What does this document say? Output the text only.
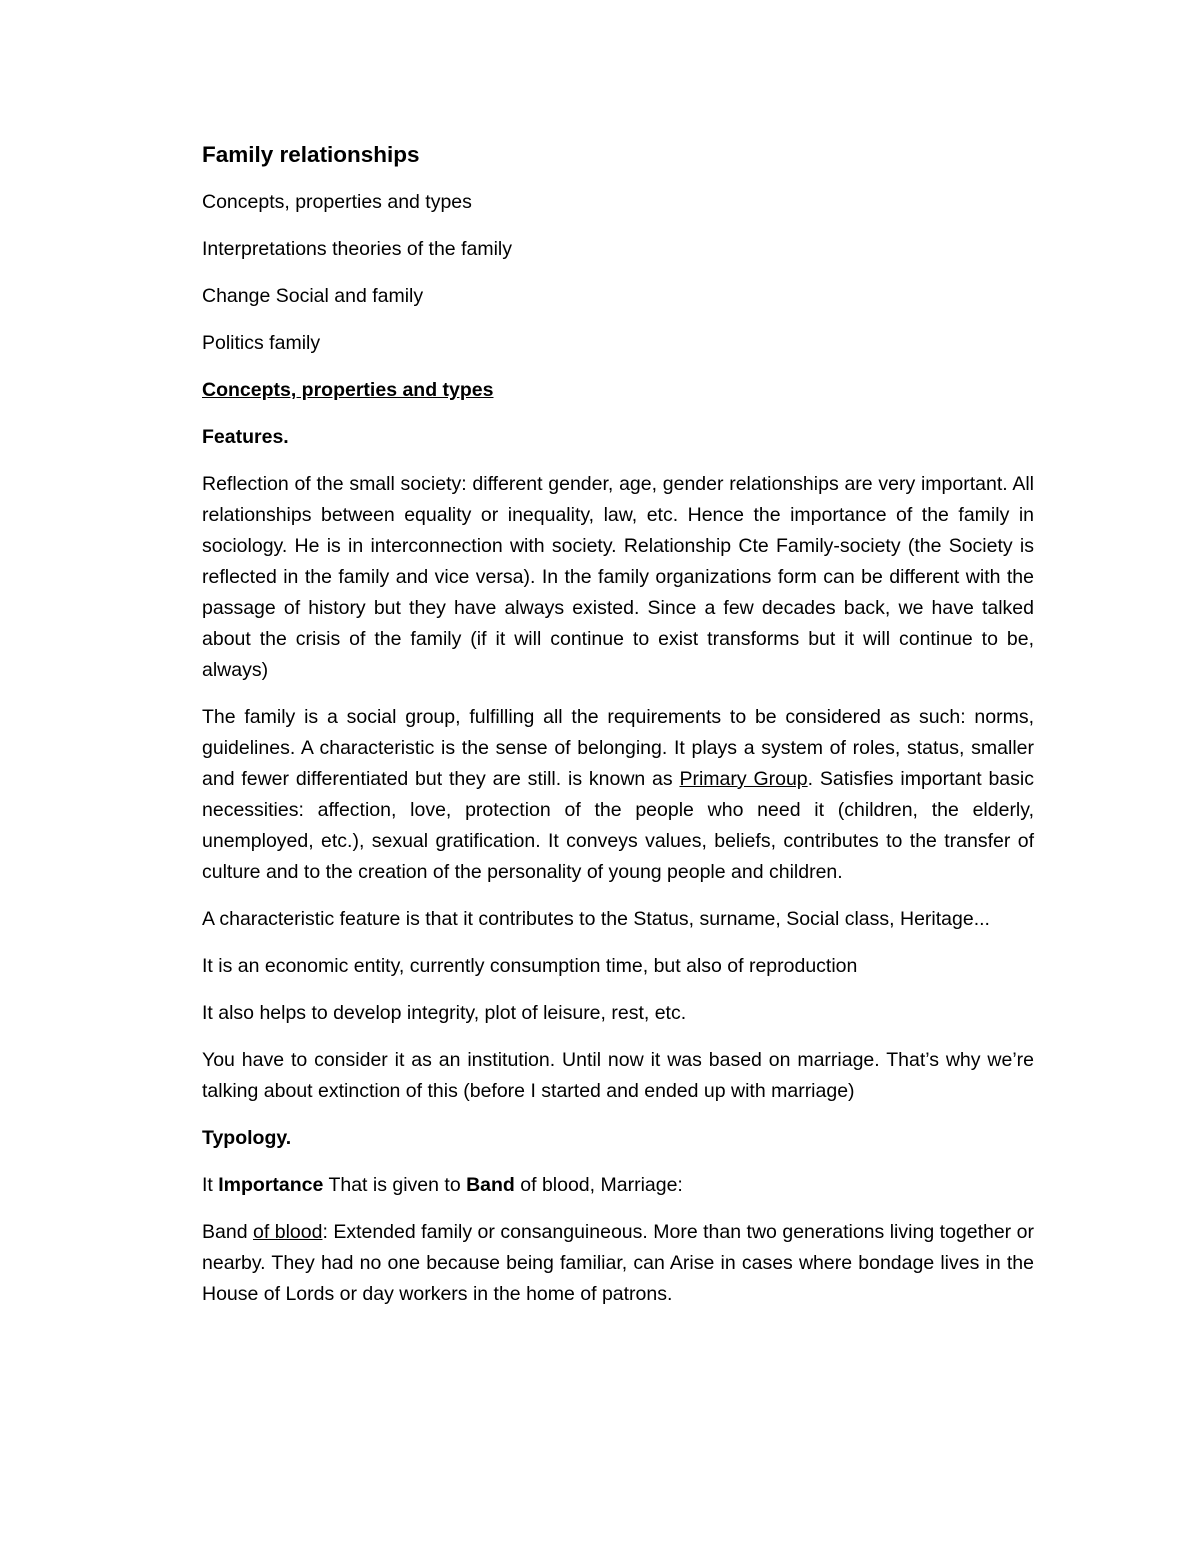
Family relationships
Concepts, properties and types
Interpretations theories of the family
Change Social and family
Politics family
Concepts, properties and types
Features.
Reflection of the small society: different gender, age, gender relationships are very important. All relationships between equality or inequality, law, etc. Hence the importance of the family in sociology. He is in interconnection with society. Relationship Cte Family-society (the Society is reflected in the family and vice versa). In the family organizations form can be different with the passage of history but they have always existed. Since a few decades back, we have talked about the crisis of the family (if it will continue to exist transforms but it will continue to be, always)
The family is a social group, fulfilling all the requirements to be considered as such: norms, guidelines. A characteristic is the sense of belonging. It plays a system of roles, status, smaller and fewer differentiated but they are still. is known as Primary Group. Satisfies important basic necessities: affection, love, protection of the people who need it (children, the elderly, unemployed, etc.), sexual gratification. It conveys values, beliefs, contributes to the transfer of culture and to the creation of the personality of young people and children.
A characteristic feature is that it contributes to the Status, surname, Social class, Heritage...
It is an economic entity, currently consumption time, but also of reproduction
It also helps to develop integrity, plot of leisure, rest, etc.
You have to consider it as an institution. Until now it was based on marriage. That’s why we’re talking about extinction of this (before I started and ended up with marriage)
Typology.
It Importance That is given to Band of blood, Marriage:
Band of blood: Extended family or consanguineous. More than two generations living together or nearby. They had no one because being familiar, can Arise in cases where bondage lives in the House of Lords or day workers in the home of patrons.
